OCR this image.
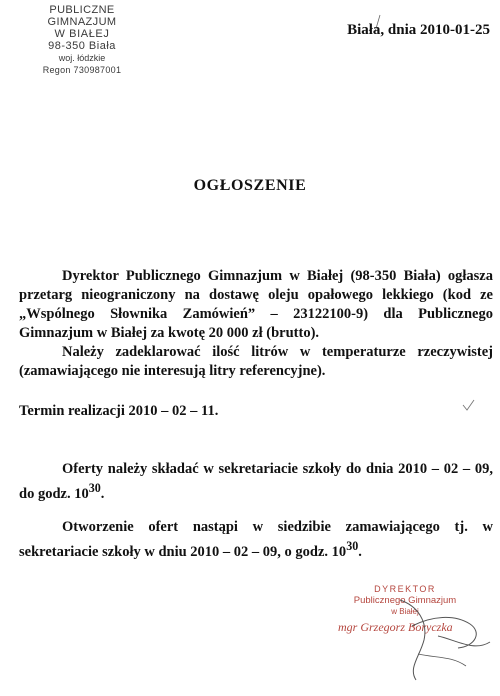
PUBLICZNE GIMNAZJUM
W BIAŁEJ
98-350 Biała
woj. łódzkie
Regon 730987001
Biała, dnia 2010-01-25
OGŁOSZENIE

Dyrektor Publicznego Gimnazjum w Białej (98-350 Biała) ogłasza przetarg nieograniczony na dostawę oleju opałowego lekkiego (kod ze „Wspólnego Słownika Zamówień” – 23122100-9) dla Publicznego Gimnazjum w Białej za kwotę 20 000 zł (brutto).

Należy zadeklarować ilość litrów w temperaturze rzeczywistej (zamawiającego nie interesują litry referencyjne).

Termin realizacji 2010 – 02 – 11.

Oferty należy składać w sekretariacie szkoły do dnia 2010 – 02 – 09, do godz. $10^{30}$.

Otworzenie ofert nastąpi w siedzibie zamawiającego tj. w sekretariacie szkoły w dniu 2010 – 02 – 09, o godz. $10^{30}$.

DYREKTOR
Publicznego Gimnazjum
w Białej
mgr Grzegorz Boryczka
